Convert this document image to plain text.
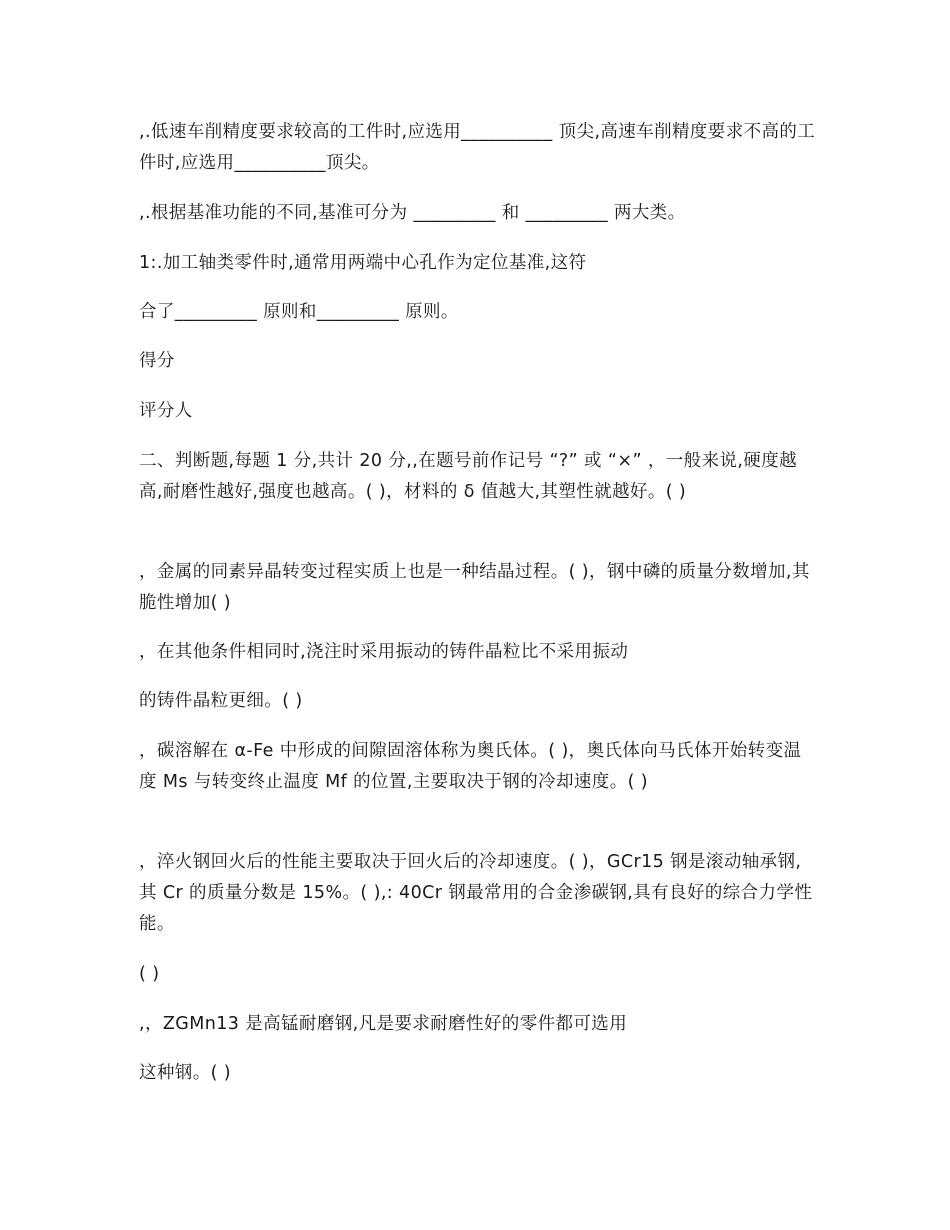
,.低速车削精度要求较高的工件时,应选用__________ 顶尖,高速车削精度要求不高的工件时,应选用__________顶尖。

,.根据基准功能的不同,基准可分为 _________ 和 _________ 两大类。

1:.加工轴类零件时,通常用两端中心孔作为定位基准,这符

合了_________ 原则和_________ 原则。

得分

评分人

二、判断题,每题 1 分,共计 20 分,,在题号前作记号 “?” 或 “×” ，一般来说,硬度越高,耐磨性越好,强度也越高。( )，材料的 δ 值越大,其塑性就越好。( )

，金属的同素异晶转变过程实质上也是一种结晶过程。( )，钢中磷的质量分数增加,其脆性增加( )

，在其他条件相同时,浇注时采用振动的铸件晶粒比不采用振动

的铸件晶粒更细。( )

，碳溶解在 α-Fe 中形成的间隙固溶体称为奥氏体。( )，奥氏体向马氏体开始转变温度 Ms 与转变终止温度 Mf 的位置,主要取决于钢的冷却速度。( )

，淬火钢回火后的性能主要取决于回火后的冷却速度。( )，GCr15 钢是滚动轴承钢,其 Cr 的质量分数是 15%。( ),: 40Cr 钢最常用的合金渗碳钢,具有良好的综合力学性能。

( )

,，ZGMn13 是高锰耐磨钢,凡是要求耐磨性好的零件都可选用

这种钢。( )
